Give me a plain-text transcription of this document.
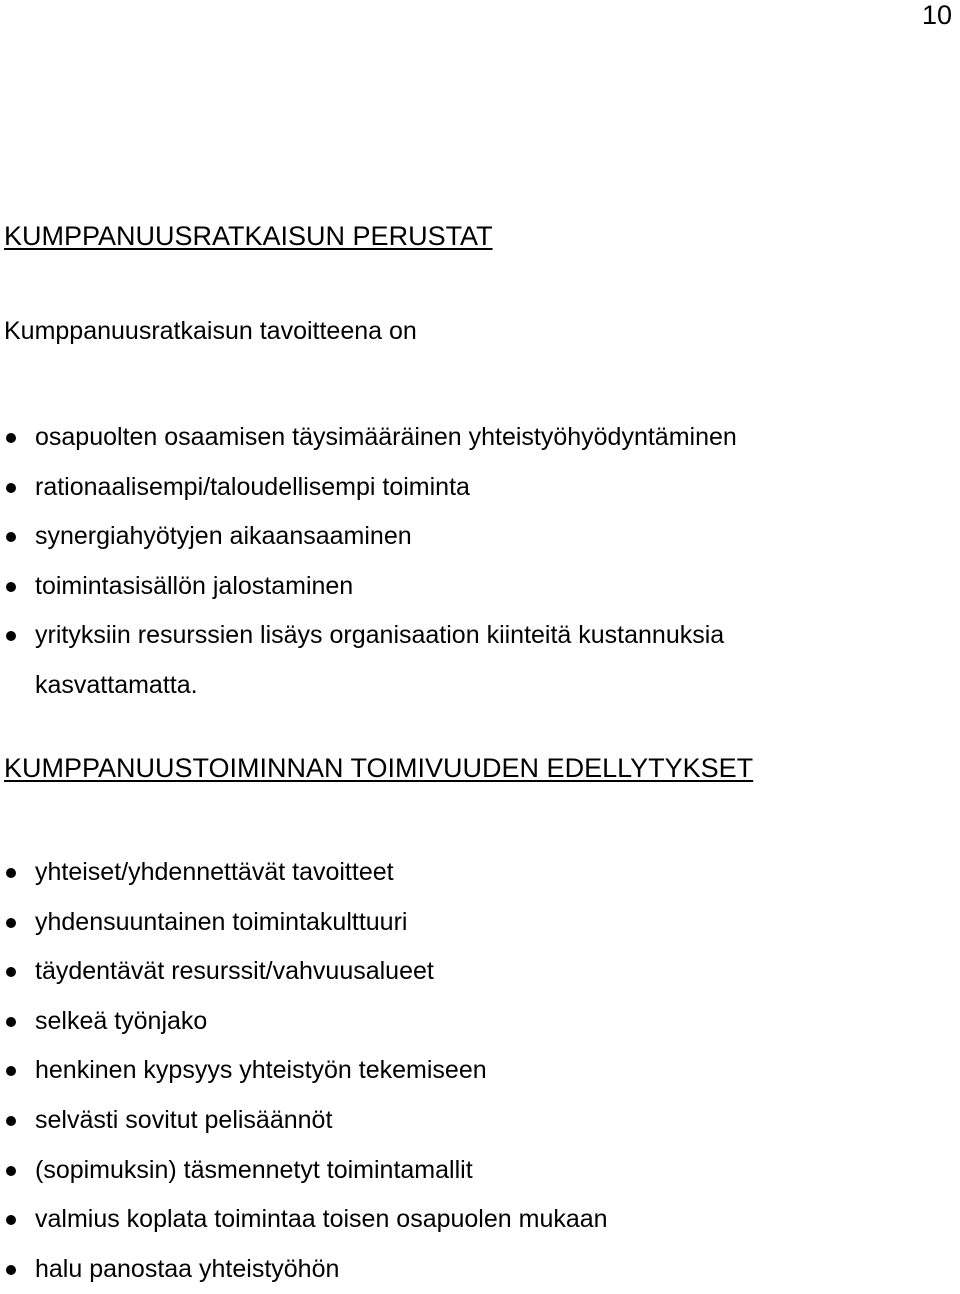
10
KUMPPANUUSRATKAISUN PERUSTAT
Kumppanuusratkaisun tavoitteena on
osapuolten osaamisen täysimääräinen yhteistyöhyödyntäminen
rationaalisempi/taloudellisempi toiminta
synergiahyötyjen aikaansaaminen
toimintasisällön jalostaminen
yrityksiin resurssien lisäys organisaation kiinteitä kustannuksia
kasvattamatta.
KUMPPANUUSTOIMINNAN TOIMIVUUDEN EDELLYTYKSET
yhteiset/yhdennettävät tavoitteet
yhdensuuntainen toimintakulttuuri
täydentävät resurssit/vahvuusalueet
selkeä työnjako
henkinen kypsyys yhteistyön tekemiseen
selvästi sovitut pelisäännöt
(sopimuksin) täsmennetyt toimintamallit
valmius koplata toimintaa toisen osapuolen mukaan
halu panostaa yhteistyöhön
